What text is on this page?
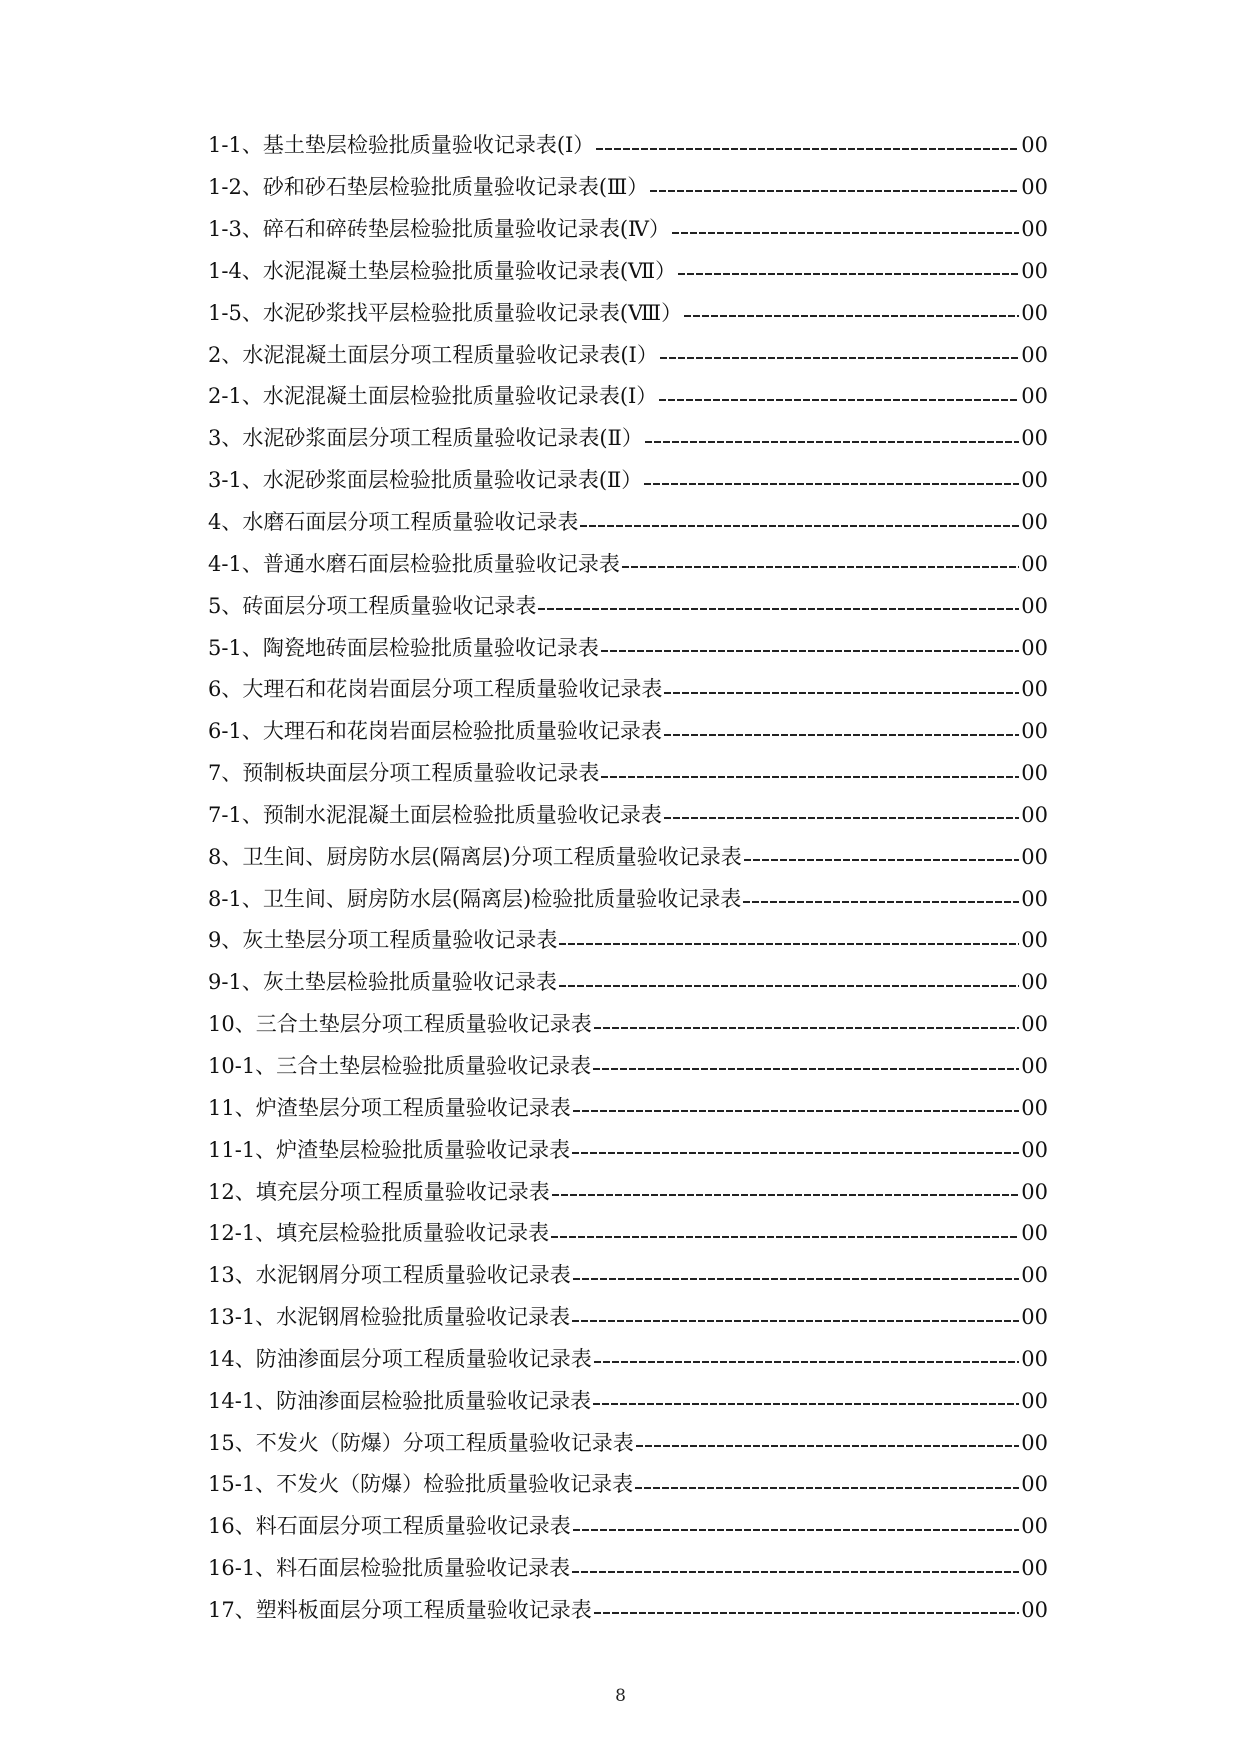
1-1、基土垫层检验批质量验收记录表(Ⅰ）	00
1-2、砂和砂石垫层检验批质量验收记录表(Ⅲ）	00
1-3、碎石和碎砖垫层检验批质量验收记录表(Ⅳ）	00
1-4、水泥混凝土垫层检验批质量验收记录表(Ⅶ）	00
1-5、水泥砂浆找平层检验批质量验收记录表(Ⅷ）	00
2、水泥混凝土面层分项工程质量验收记录表(Ⅰ）	00
2-1、水泥混凝土面层检验批质量验收记录表(Ⅰ）	00
3、水泥砂浆面层分项工程质量验收记录表(Ⅱ）	00
3-1、水泥砂浆面层检验批质量验收记录表(Ⅱ）	00
4、水磨石面层分项工程质量验收记录表	00
4-1、普通水磨石面层检验批质量验收记录表	00
5、砖面层分项工程质量验收记录表	00
5-1、陶瓷地砖面层检验批质量验收记录表	00
6、大理石和花岗岩面层分项工程质量验收记录表	00
6-1、大理石和花岗岩面层检验批质量验收记录表	00
7、预制板块面层分项工程质量验收记录表	00
7-1、预制水泥混凝土面层检验批质量验收记录表	00
8、卫生间、厨房防水层(隔离层)分项工程质量验收记录表	00
8-1、卫生间、厨房防水层(隔离层)检验批质量验收记录表	00
9、灰土垫层分项工程质量验收记录表	00
9-1、灰土垫层检验批质量验收记录表	00
10、三合土垫层分项工程质量验收记录表	00
10-1、三合土垫层检验批质量验收记录表	00
11、炉渣垫层分项工程质量验收记录表	00
11-1、炉渣垫层检验批质量验收记录表	00
12、填充层分项工程质量验收记录表	00
12-1、填充层检验批质量验收记录表	00
13、水泥钢屑分项工程质量验收记录表	00
13-1、水泥钢屑检验批质量验收记录表	00
14、防油渗面层分项工程质量验收记录表	00
14-1、防油渗面层检验批质量验收记录表	00
15、不发火（防爆）分项工程质量验收记录表	00
15-1、不发火（防爆）检验批质量验收记录表	00
16、料石面层分项工程质量验收记录表	00
16-1、料石面层检验批质量验收记录表	00
17、塑料板面层分项工程质量验收记录表	00
8
